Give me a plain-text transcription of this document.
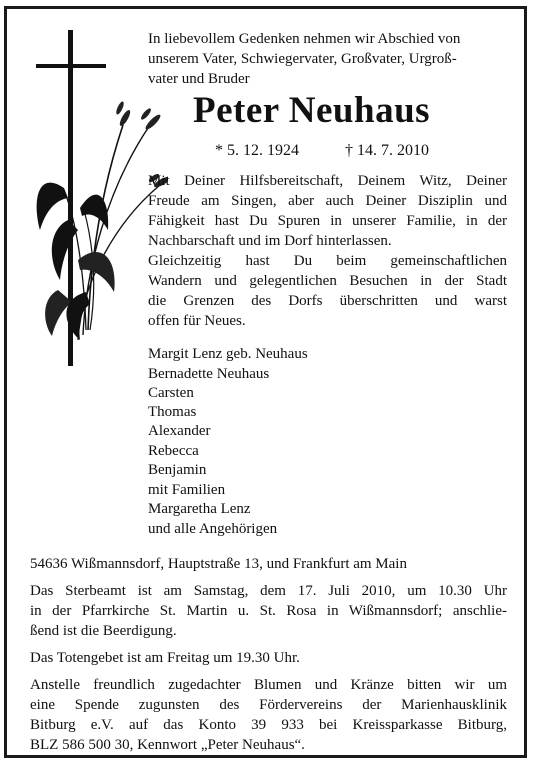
In liebevollem Gedenken nehmen wir Abschied von
unserem Vater, Schwiegervater, Großvater, Urgroß-
vater und Bruder
Peter Neuhaus
* 5. 12. 1924	† 14. 7. 2010
Mit Deiner Hilfsbereitschaft, Deinem Witz, Deiner
Freude am Singen, aber auch Deiner Disziplin und
Fähigkeit hast Du Spuren in unserer Familie, in der
Nachbarschaft und im Dorf hinterlassen.
Gleichzeitig hast Du beim gemeinschaftlichen
Wandern und gelegentlichen Besuchen in der Stadt
die Grenzen des Dorfs überschritten und warst
offen für Neues.
Margit Lenz geb. Neuhaus
Bernadette Neuhaus
Carsten
Thomas
Alexander
Rebecca
Benjamin
mit Familien
Margaretha Lenz
und alle Angehörigen
54636 Wißmannsdorf, Hauptstraße 13, und Frankfurt am Main
Das Sterbeamt ist am Samstag, dem 17. Juli 2010, um 10.30 Uhr
in der Pfarrkirche St. Martin u. St. Rosa in Wißmannsdorf; anschlie-
ßend ist die Beerdigung.
Das Totengebet ist am Freitag um 19.30 Uhr.
Anstelle freundlich zugedachter Blumen und Kränze bitten wir um
eine Spende zugunsten des Fördervereins der Marienhausklinik
Bitburg e.V. auf das Konto 39 933 bei Kreissparkasse Bitburg,
BLZ 586 500 30, Kennwort „Peter Neuhaus“.
